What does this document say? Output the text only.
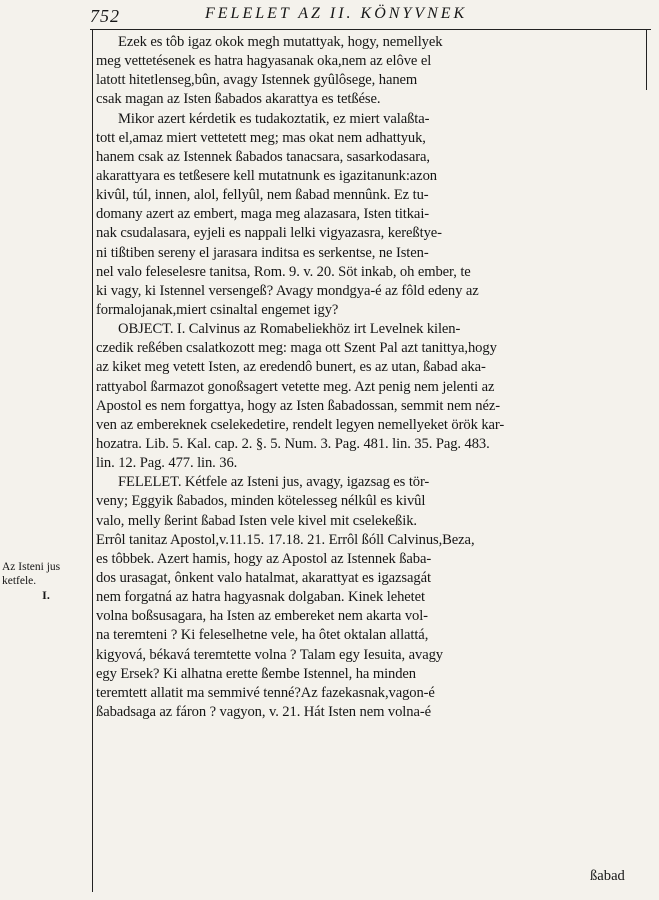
752	FELELET AZ II. KÖNYVNEK
Az Isteni jus ketfele.
I.
Ezek es tôb igaz okok megh mutattyak, hogy, nemellyek
meg vettetésenek es hatra hagyasanak oka,nem az elôve el
latott hitetlenseg,bûn, avagy Istennek gyûlôsege, hanem
csak magan az Isten ßabados akarattya es tetßése.
Mikor azert kérdetik es tudakoztatik, ez miert valaßta-
tott el,amaz miert vettetett meg; mas okat nem adhattyuk,
hanem csak az Istennek ßabados tanacsara, sasarkodasara,
akarattyara es tetßesere kell mutatnunk es igazitanunk:azon
kivûl, túl, innen, alol, fellyûl, nem ßabad mennûnk. Ez tu-
domany azert az embert, maga meg alazasara, Isten titkai-
nak csudalasara, eyjeli es nappali lelki vigyazasra, kereßtye-
ni tißtiben sereny el jarasara inditsa es serkentse, ne Isten-
nel valo feleselesre tanitsa, Rom. 9. v. 20. Söt inkab, oh ember, te
ki vagy, ki Istennel versengeß? Avagy mondgya-é az fôld edeny az
formalojanak,miert csinaltal engemet igy?
OBJECT. I. Calvinus az Romabeliekhöz irt Levelnek kilen-
czedik reßében csalatkozott meg: maga ott Szent Pal azt tanittya,hogy
az kiket meg vetett Isten, az eredendô bunert, es az utan, ßabad aka-
rattyabol ßarmazot gonoßsagert vetette meg. Azt penig nem jelenti az
Apostol es nem forgattya, hogy az Isten ßabadossan, semmit nem néz-
ven az embereknek cselekedetire, rendelt legyen nemellyeket örök kar-
hozatra. Lib. 5. Kal. cap. 2. §. 5. Num. 3. Pag. 481. lin. 35. Pag. 483.
lin. 12. Pag. 477. lin. 36.
FELELET. Kétfele az Isteni jus, avagy, igazsag es tör-
veny; Eggyik ßabados, minden kötelesseg nélkûl es kivûl
valo, melly ßerint ßabad Isten vele kivel mit cselekeßik.
Errôl tanitaz Apostol,v.11.15. 17.18. 21. Errôl ßóll Calvinus,Beza,
es tôbbek. Azert hamis, hogy az Apostol az Istennek ßaba-
dos urasagat, ônkent valo hatalmat, akarattyat es igazsagát
nem forgatná az hatra hagyasnak dolgaban. Kinek lehetet
volna boßsusagara, ha Isten az embereket nem akarta vol-
na teremteni ? Ki feleselhetne vele, ha ôtet oktalan allattá,
kigyová, békavá teremtette volna ? Talam egy Iesuita, avagy
egy Ersek? Ki alhatna erette ßembe Istennel, ha minden
teremtett allatit ma semmivé tenné?Az fazekasnak,vagon-é
ßabadsaga az fáron ? vagyon, v. 21. Hát Isten nem volna-é
ßabad
